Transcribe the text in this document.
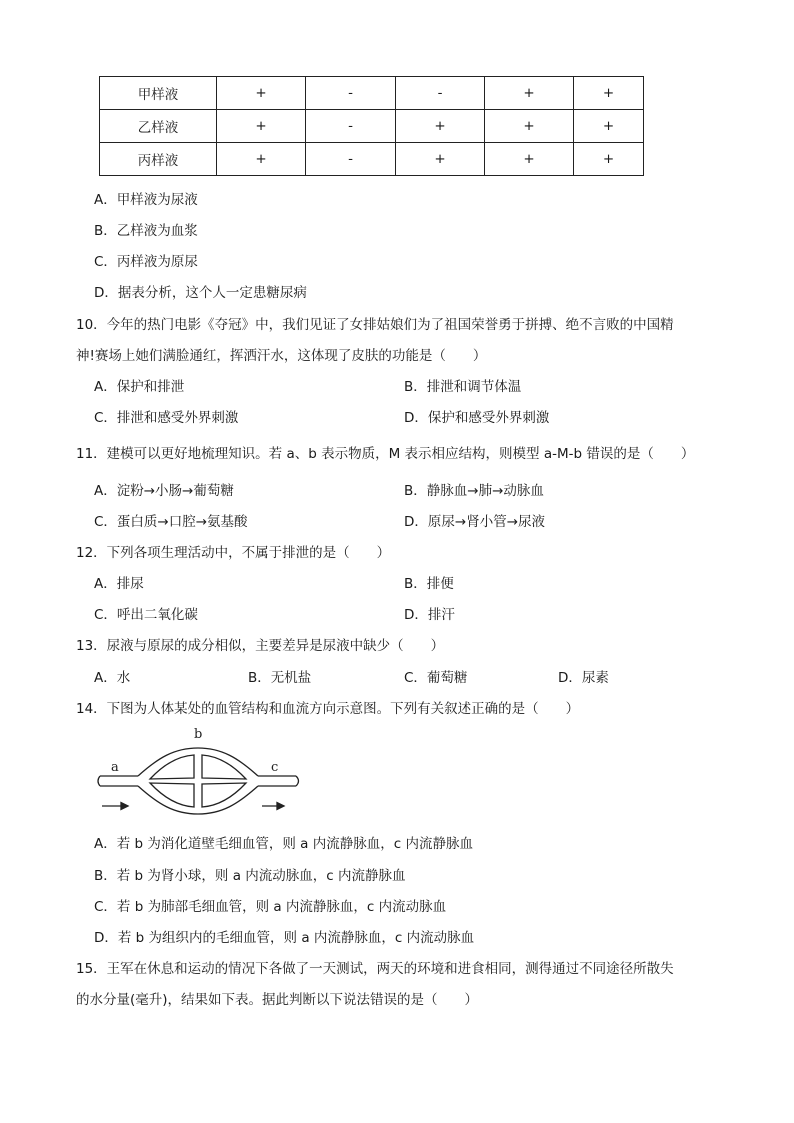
甲样液	+	-	-	+	+
乙样液	+	-	+	+	+
丙样液	+	-	+	+	+
A．甲样液为尿液
B．乙样液为血浆
C．丙样液为原尿
D．据表分析，这个人一定患糖尿病
10．今年的热门电影《夺冠》中，我们见证了女排姑娘们为了祖国荣誉勇于拼搏、绝不言败的中国精
神!赛场上她们满脸通红，挥洒汗水，这体现了皮肤的功能是（　　）
A．保护和排泄	B．排泄和调节体温
C．排泄和感受外界刺激	D．保护和感受外界刺激
11．建模可以更好地梳理知识。若 a、b 表示物质，M 表示相应结构，则模型 a-M-b 错误的是（　　）
A．淀粉→小肠→葡萄糖	B．静脉血→肺→动脉血
C．蛋白质→口腔→氨基酸	D．原尿→肾小管→尿液
12．下列各项生理活动中，不属于排泄的是（　　）
A．排尿	B．排便
C．呼出二氧化碳	D．排汗
13．尿液与原尿的成分相似，主要差异是尿液中缺少（　　）
A．水	B．无机盐	C．葡萄糖	D．尿素
14．下图为人体某处的血管结构和血流方向示意图。下列有关叙述正确的是（　　）
b
a	c
A．若 b 为消化道壁毛细血管，则 a 内流静脉血，c 内流静脉血
B．若 b 为肾小球，则 a 内流动脉血，c 内流静脉血
C．若 b 为肺部毛细血管，则 a 内流静脉血，c 内流动脉血
D．若 b 为组织内的毛细血管，则 a 内流静脉血，c 内流动脉血
15．王军在休息和运动的情况下各做了一天测试，两天的环境和进食相同，测得通过不同途径所散失
的水分量(毫升)，结果如下表。据此判断以下说法错误的是（　　）
